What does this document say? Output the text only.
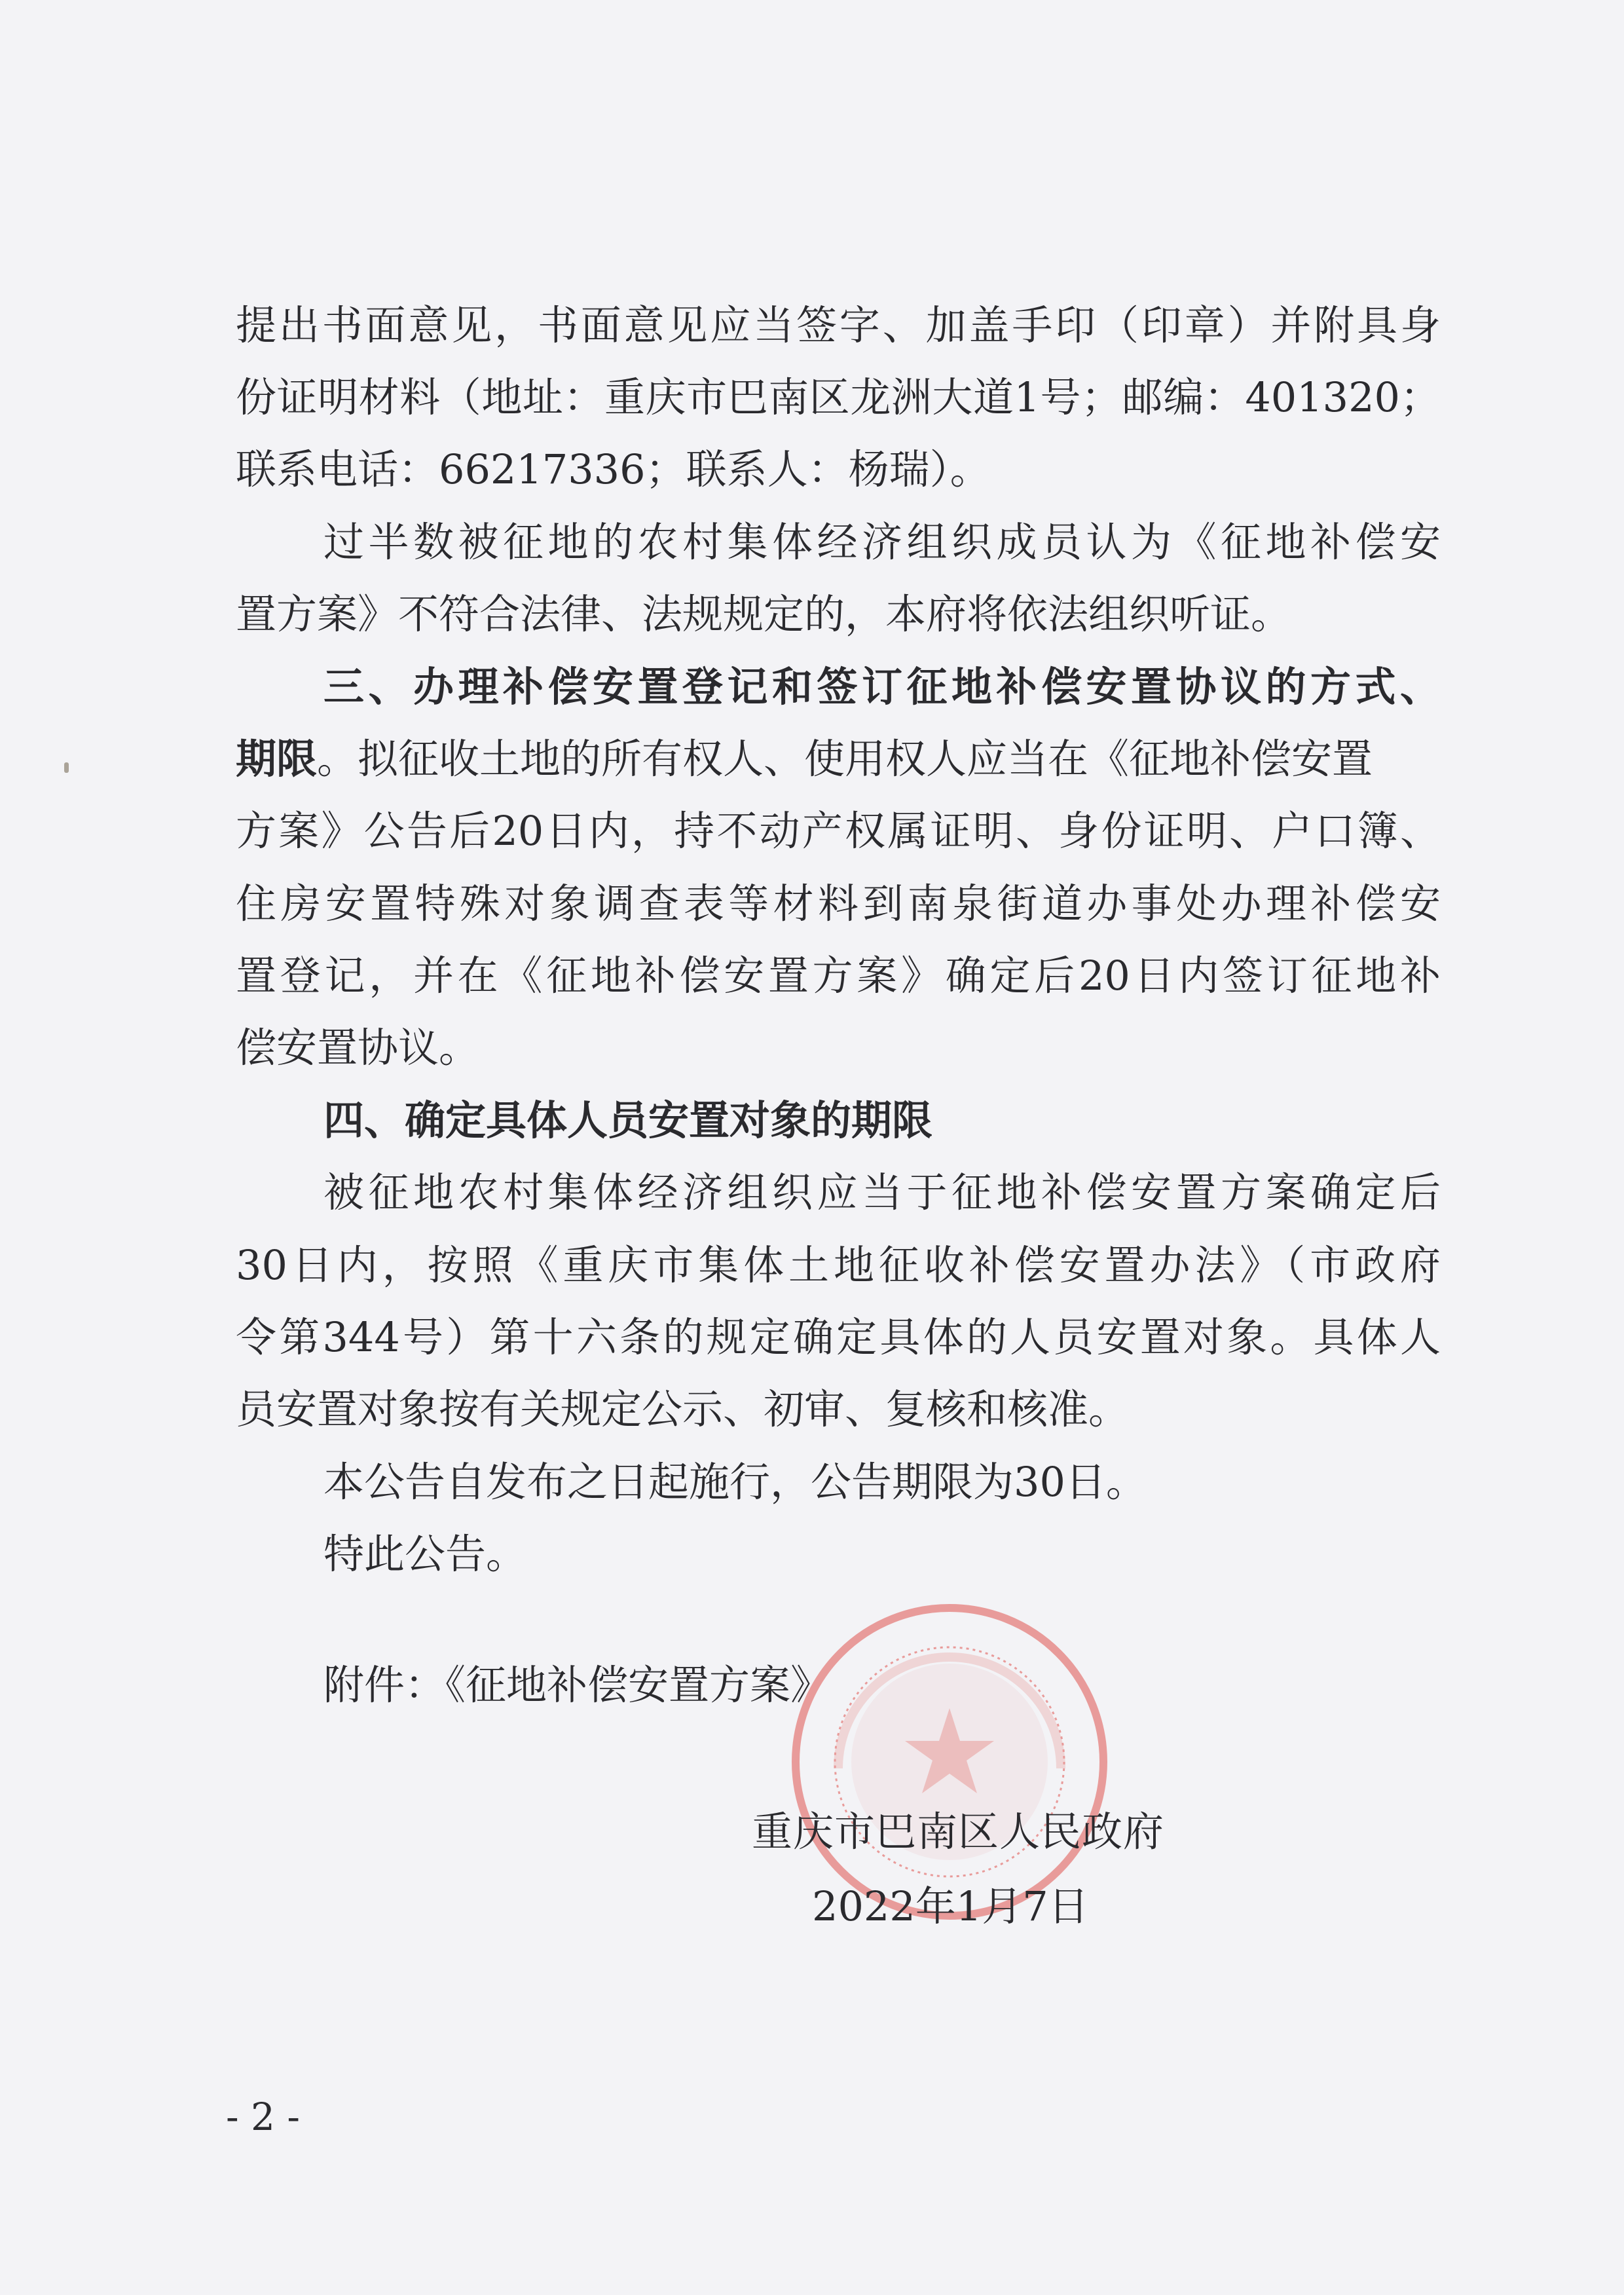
提出书面意见，书面意见应当签字、加盖手印（印章）并附具身
份证明材料（地址：重庆市巴南区龙洲大道1号；邮编：401320；
联系电话：66217336；联系人：杨瑞）。
过半数被征地的农村集体经济组织成员认为《征地补偿安
置方案》不符合法律、法规规定的，本府将依法组织听证。
三、办理补偿安置登记和签订征地补偿安置协议的方式、
期限。拟征收土地的所有权人、使用权人应当在《征地补偿安置
方案》公告后20日内，持不动产权属证明、身份证明、户口簿、
住房安置特殊对象调查表等材料到南泉街道办事处办理补偿安
置登记，并在《征地补偿安置方案》确定后20日内签订征地补
偿安置协议。
四、确定具体人员安置对象的期限
被征地农村集体经济组织应当于征地补偿安置方案确定后
30日内，按照《重庆市集体土地征收补偿安置办法》（市政府
令第344号）第十六条的规定确定具体的人员安置对象。具体人
员安置对象按有关规定公示、初审、复核和核准。
本公告自发布之日起施行，公告期限为30日。
特此公告。
附件：《征地补偿安置方案》
重庆市巴南区人民政府
2022年1月7日
- 2 -
